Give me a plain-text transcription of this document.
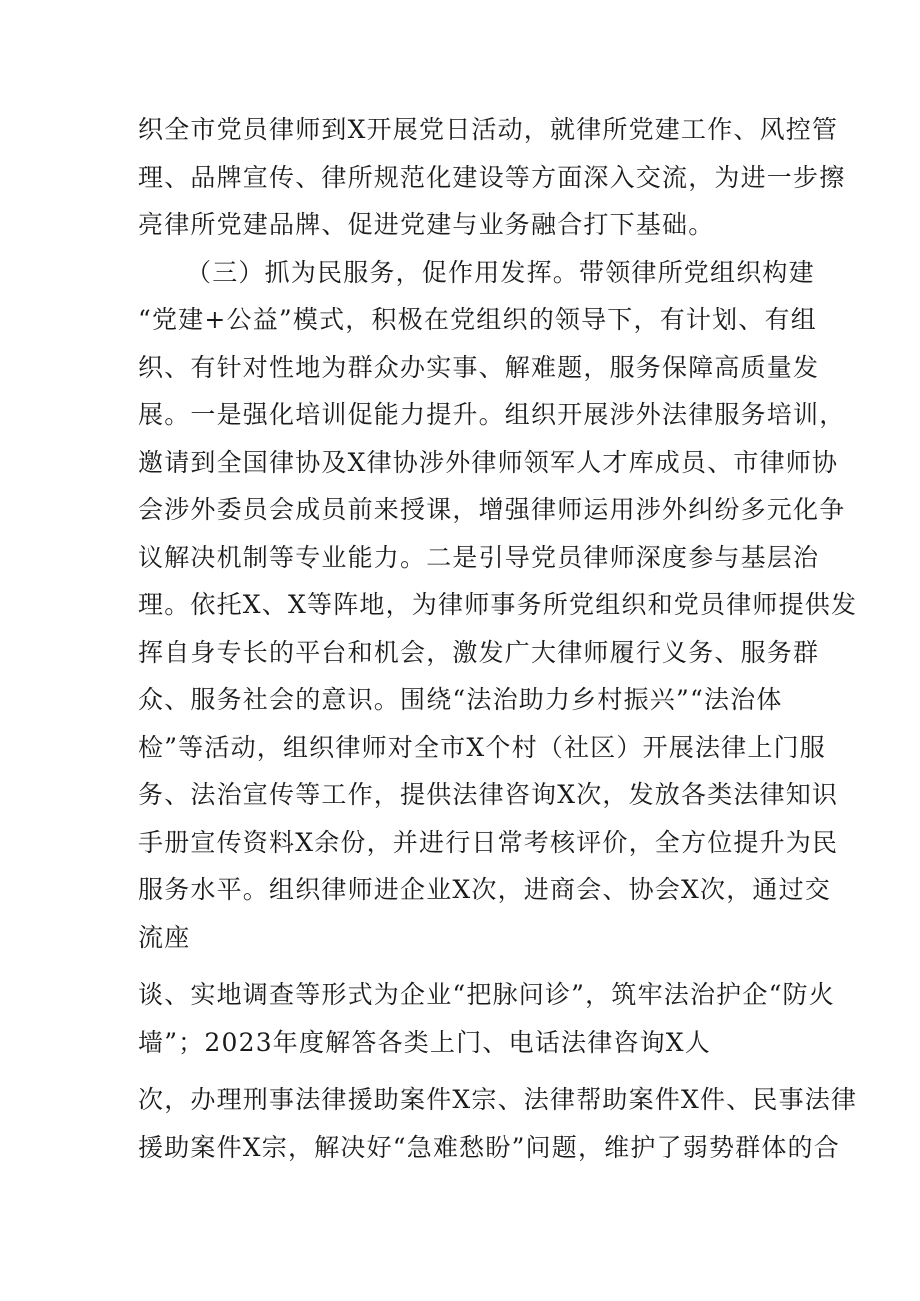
织全市党员律师到X开展党日活动，就律所党建工作、风控管
理、品牌宣传、律所规范化建设等方面深入交流，为进一步擦
亮律所党建品牌、促进党建与业务融合打下基础。
（三）抓为民服务，促作用发挥。带领律所党组织构建
“党建+公益”模式，积极在党组织的领导下，有计划、有组
织、有针对性地为群众办实事、解难题，服务保障高质量发
展。一是强化培训促能力提升。组织开展涉外法律服务培训，
邀请到全国律协及X律协涉外律师领军人才库成员、市律师协
会涉外委员会成员前来授课，增强律师运用涉外纠纷多元化争
议解决机制等专业能力。二是引导党员律师深度参与基层治
理。依托X、X等阵地，为律师事务所党组织和党员律师提供发
挥自身专长的平台和机会，激发广大律师履行义务、服务群
众、服务社会的意识。围绕“法治助力乡村振兴”“法治体
检”等活动，组织律师对全市X个村（社区）开展法律上门服
务、法治宣传等工作，提供法律咨询X次，发放各类法律知识
手册宣传资料X余份，并进行日常考核评价，全方位提升为民
服务水平。组织律师进企业X次，进商会、协会X次，通过交
流座
谈、实地调查等形式为企业“把脉问诊”，筑牢法治护企“防火
墙”；2023年度解答各类上门、电话法律咨询X人
次，办理刑事法律援助案件X宗、法律帮助案件X件、民事法律
援助案件X宗，解决好“急难愁盼”问题，维护了弱势群体的合
